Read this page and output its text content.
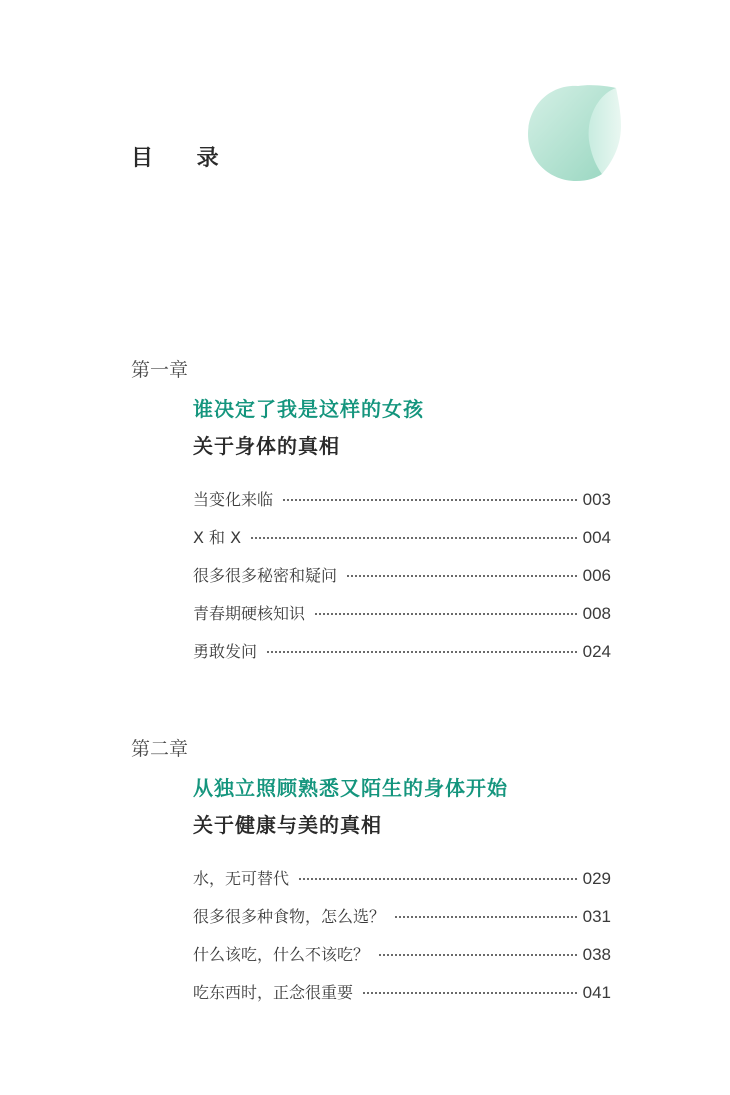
目 录

第一章

谁决定了我是这样的女孩
关于身体的真相
当变化来临	003
X 和 X	004
很多很多秘密和疑问	006
青春期硬核知识	008
勇敢发问	024

第二章

从独立照顾熟悉又陌生的身体开始
关于健康与美的真相
水，无可替代	029
很多很多种食物，怎么选？	031
什么该吃，什么不该吃？	038
吃东西时，正念很重要	041
